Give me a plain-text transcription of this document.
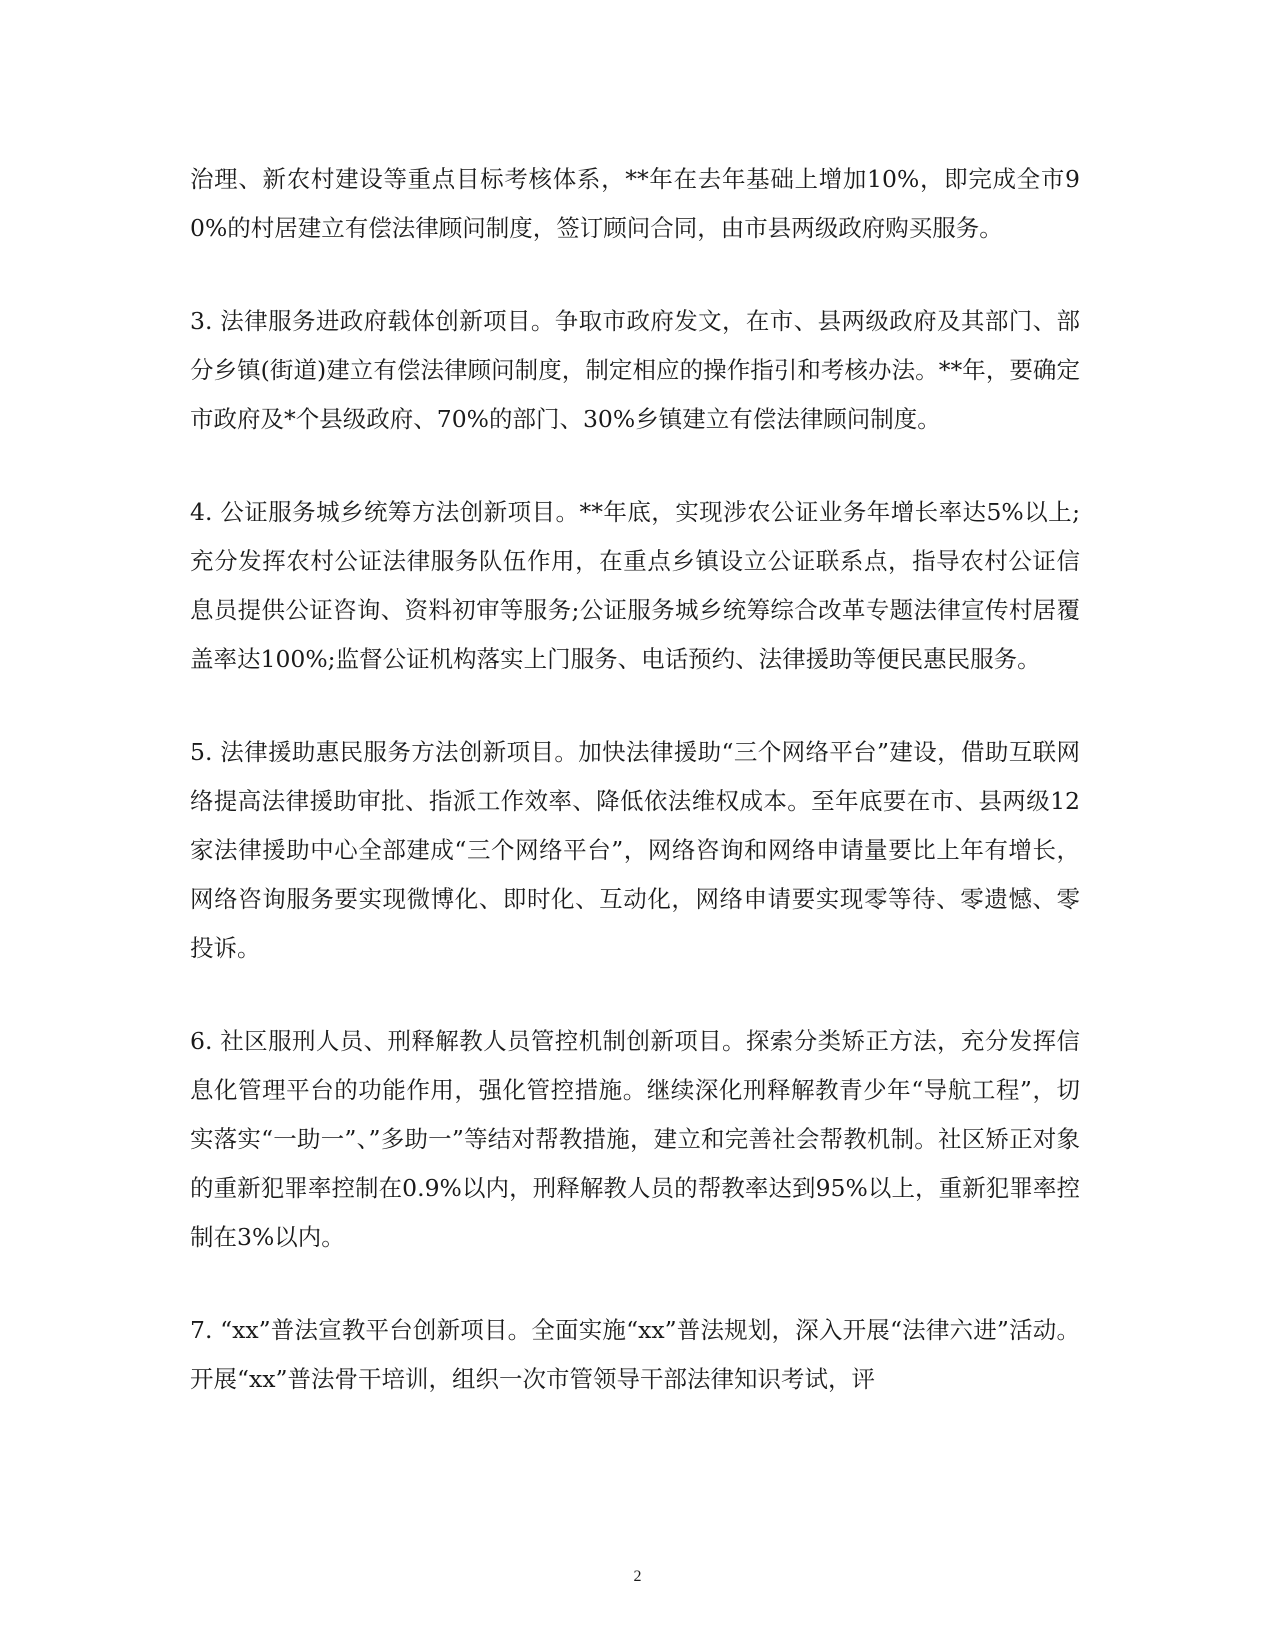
治理、新农村建设等重点目标考核体系，**年在去年基础上增加10%，即完成全市90%的村居建立有偿法律顾问制度，签订顾问合同，由市县两级政府购买服务。

3. 法律服务进政府载体创新项目。争取市政府发文，在市、县两级政府及其部门、部分乡镇(街道)建立有偿法律顾问制度，制定相应的操作指引和考核办法。**年，要确定市政府及*个县级政府、70%的部门、30%乡镇建立有偿法律顾问制度。

4. 公证服务城乡统筹方法创新项目。**年底，实现涉农公证业务年增长率达5%以上;充分发挥农村公证法律服务队伍作用，在重点乡镇设立公证联系点，指导农村公证信息员提供公证咨询、资料初审等服务;公证服务城乡统筹综合改革专题法律宣传村居覆盖率达100%;监督公证机构落实上门服务、电话预约、法律援助等便民惠民服务。

5. 法律援助惠民服务方法创新项目。加快法律援助“三个网络平台”建设，借助互联网络提高法律援助审批、指派工作效率、降低依法维权成本。至年底要在市、县两级12家法律援助中心全部建成“三个网络平台”，网络咨询和网络申请量要比上年有增长，网络咨询服务要实现微博化、即时化、互动化，网络申请要实现零等待、零遗憾、零投诉。

6. 社区服刑人员、刑释解教人员管控机制创新项目。探索分类矫正方法，充分发挥信息化管理平台的功能作用，强化管控措施。继续深化刑释解教青少年“导航工程”，切实落实“一助一”、”多助一”等结对帮教措施，建立和完善社会帮教机制。社区矫正对象的重新犯罪率控制在0.9%以内，刑释解教人员的帮教率达到95%以上，重新犯罪率控制在3%以内。

7. “xx”普法宣教平台创新项目。全面实施“xx”普法规划，深入开展“法律六进”活动。开展“xx”普法骨干培训，组织一次市管领导干部法律知识考试，评

2
